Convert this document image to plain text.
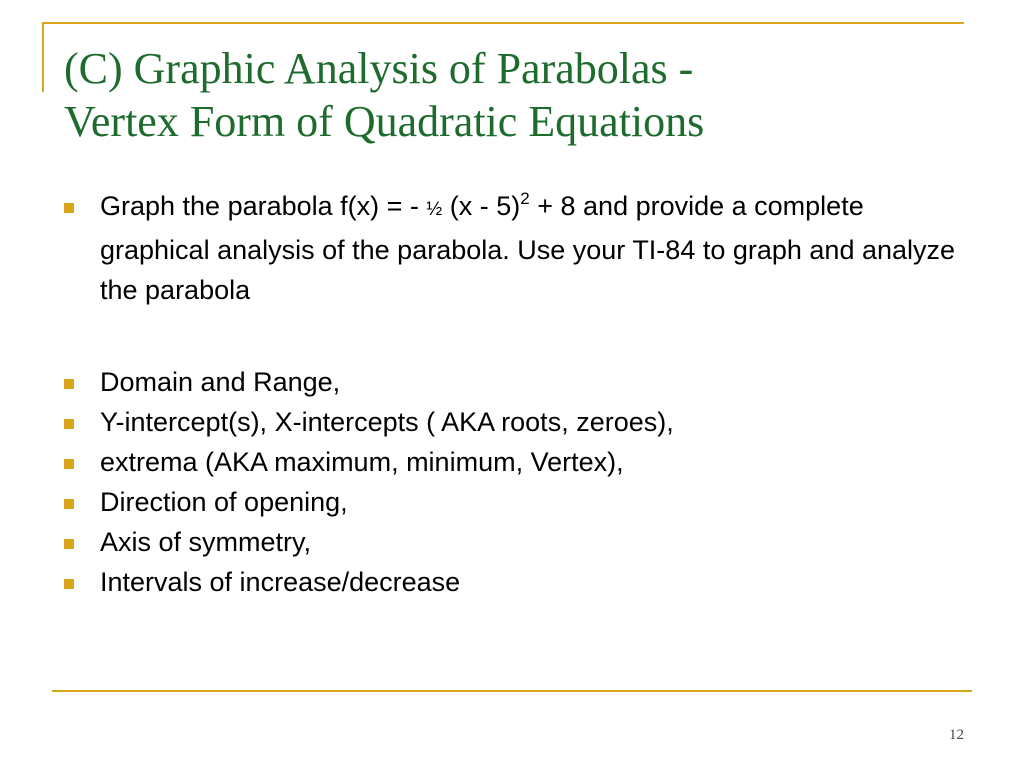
(C) Graphic Analysis of Parabolas -
Vertex Form of Quadratic Equations
Graph the parabola f(x) = - ½ (x - 5)$^2$ + 8 and provide a complete graphical analysis of the parabola. Use your TI-84 to graph and analyze the parabola
Domain and Range,
Y-intercept(s), X-intercepts ( AKA roots, zeroes),
extrema (AKA maximum, minimum, Vertex),
Direction of opening,
Axis of symmetry,
Intervals of increase/decrease
12
